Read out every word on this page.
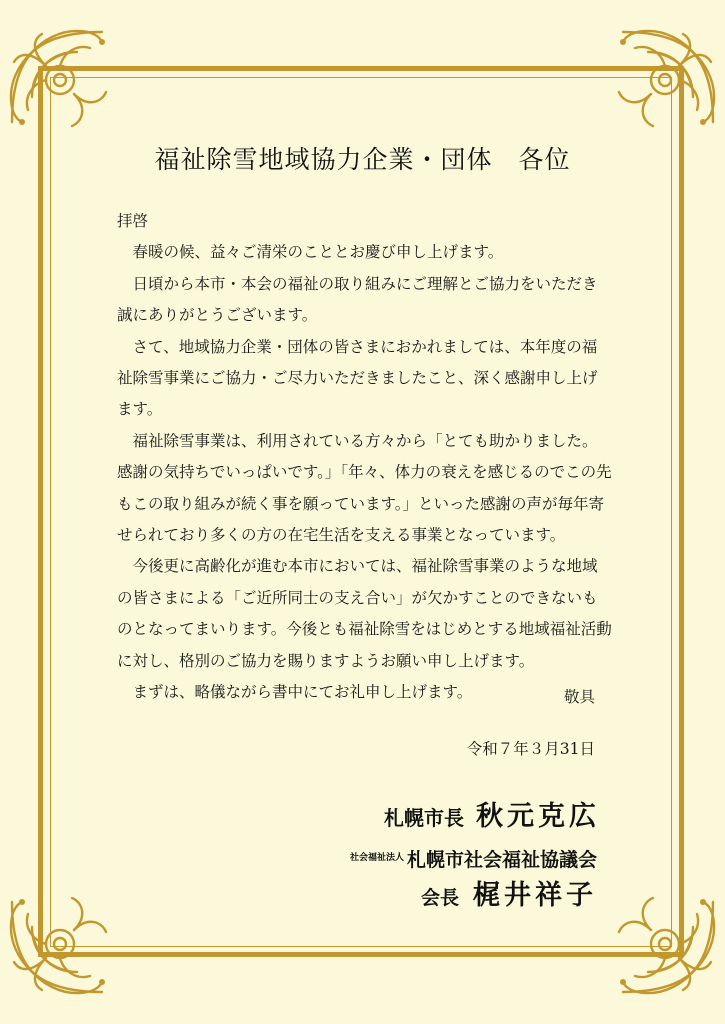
福祉除雪地域協力企業・団体　各位

拝啓

春暖の候、益々ご清栄のこととお慶び申し上げます。

日頃から本市・本会の福祉の取り組みにご理解とご協力をいただき誠にありがとうございます。

さて、地域協力企業・団体の皆さまにおかれましては、本年度の福祉除雪事業にご協力・ご尽力いただきましたこと、深く感謝申し上げます。

福祉除雪事業は、利用されている方々から「とても助かりました。感謝の気持ちでいっぱいです。」「年々、体力の衰えを感じるのでこの先もこの取り組みが続く事を願っています。」といった感謝の声が毎年寄せられており多くの方の在宅生活を支える事業となっています。

今後更に高齢化が進む本市においては、福祉除雪事業のような地域の皆さまによる「ご近所同士の支え合い」が欠かすことのできないものとなってまいります。今後とも福祉除雪をはじめとする地域福祉活動に対し、格別のご協力を賜りますようお願い申し上げます。

まずは、略儀ながら書中にてお礼申し上げます。	敬具
令和７年３月31日
札幌市長 秋元克広
$^{社会福祉法人}$ 札幌市社会福祉協議会
会長 梶井祥子
